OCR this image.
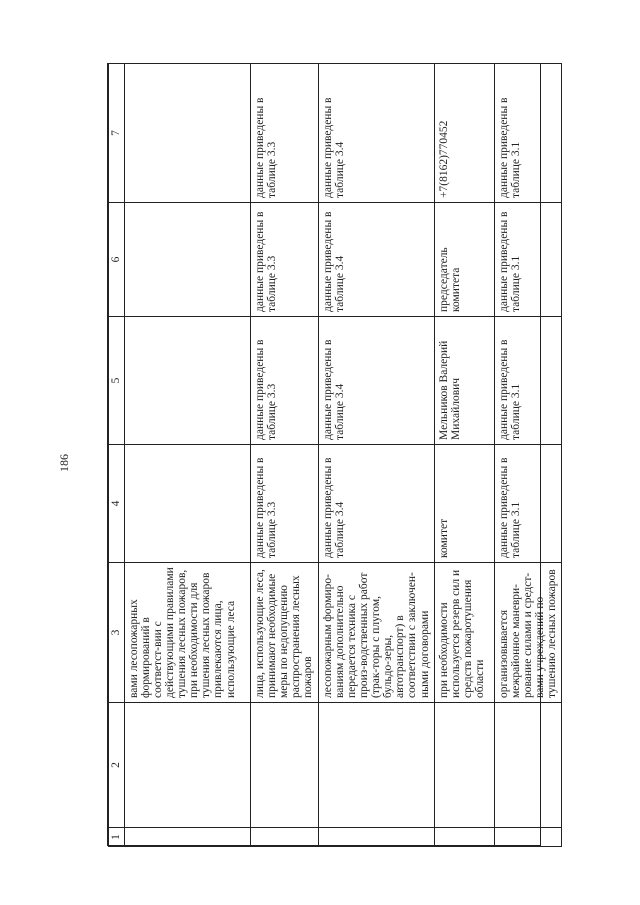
186
1	2	3	4	5	6	7
		вами лесопожарных формирований в соответст-вии с действующими правилами тушения лесных пожаров, при необходимости для тушения лесных пожаров привлекаются лица, использующие леса				
		лица, использующие леса, принимают необходимые меры по недопущению распространения лесных пожаров	данные приведены в таблице 3.3	данные приведены в таблице 3.3	данные приведены в таблице 3.3	данные приведены в таблице 3.3
		лесопожарным формиро-ваниям дополнительно передается техника с произ-водственных работ (трак-торы с плугом, бульдо-зеры, автотранспорт) в соответствии с заключен-ными договорами	данные приведены в таблице 3.4	данные приведены в таблице 3.4	данные приведены в таблице 3.4	данные приведены в таблице 3.4
		при необходимости используется резерв сил и средств пожаротушения области	комитет	Мельников Валерий Михайлович	председатель комитета	+7(8162)770452
		организовывается межрайонное маневри-рование силами и средст-вами учреждений по тушению лесных пожаров	данные приведены в таблице 3.1	данные приведены в таблице 3.1	данные приведены в таблице 3.1	данные приведены в таблице 3.1
